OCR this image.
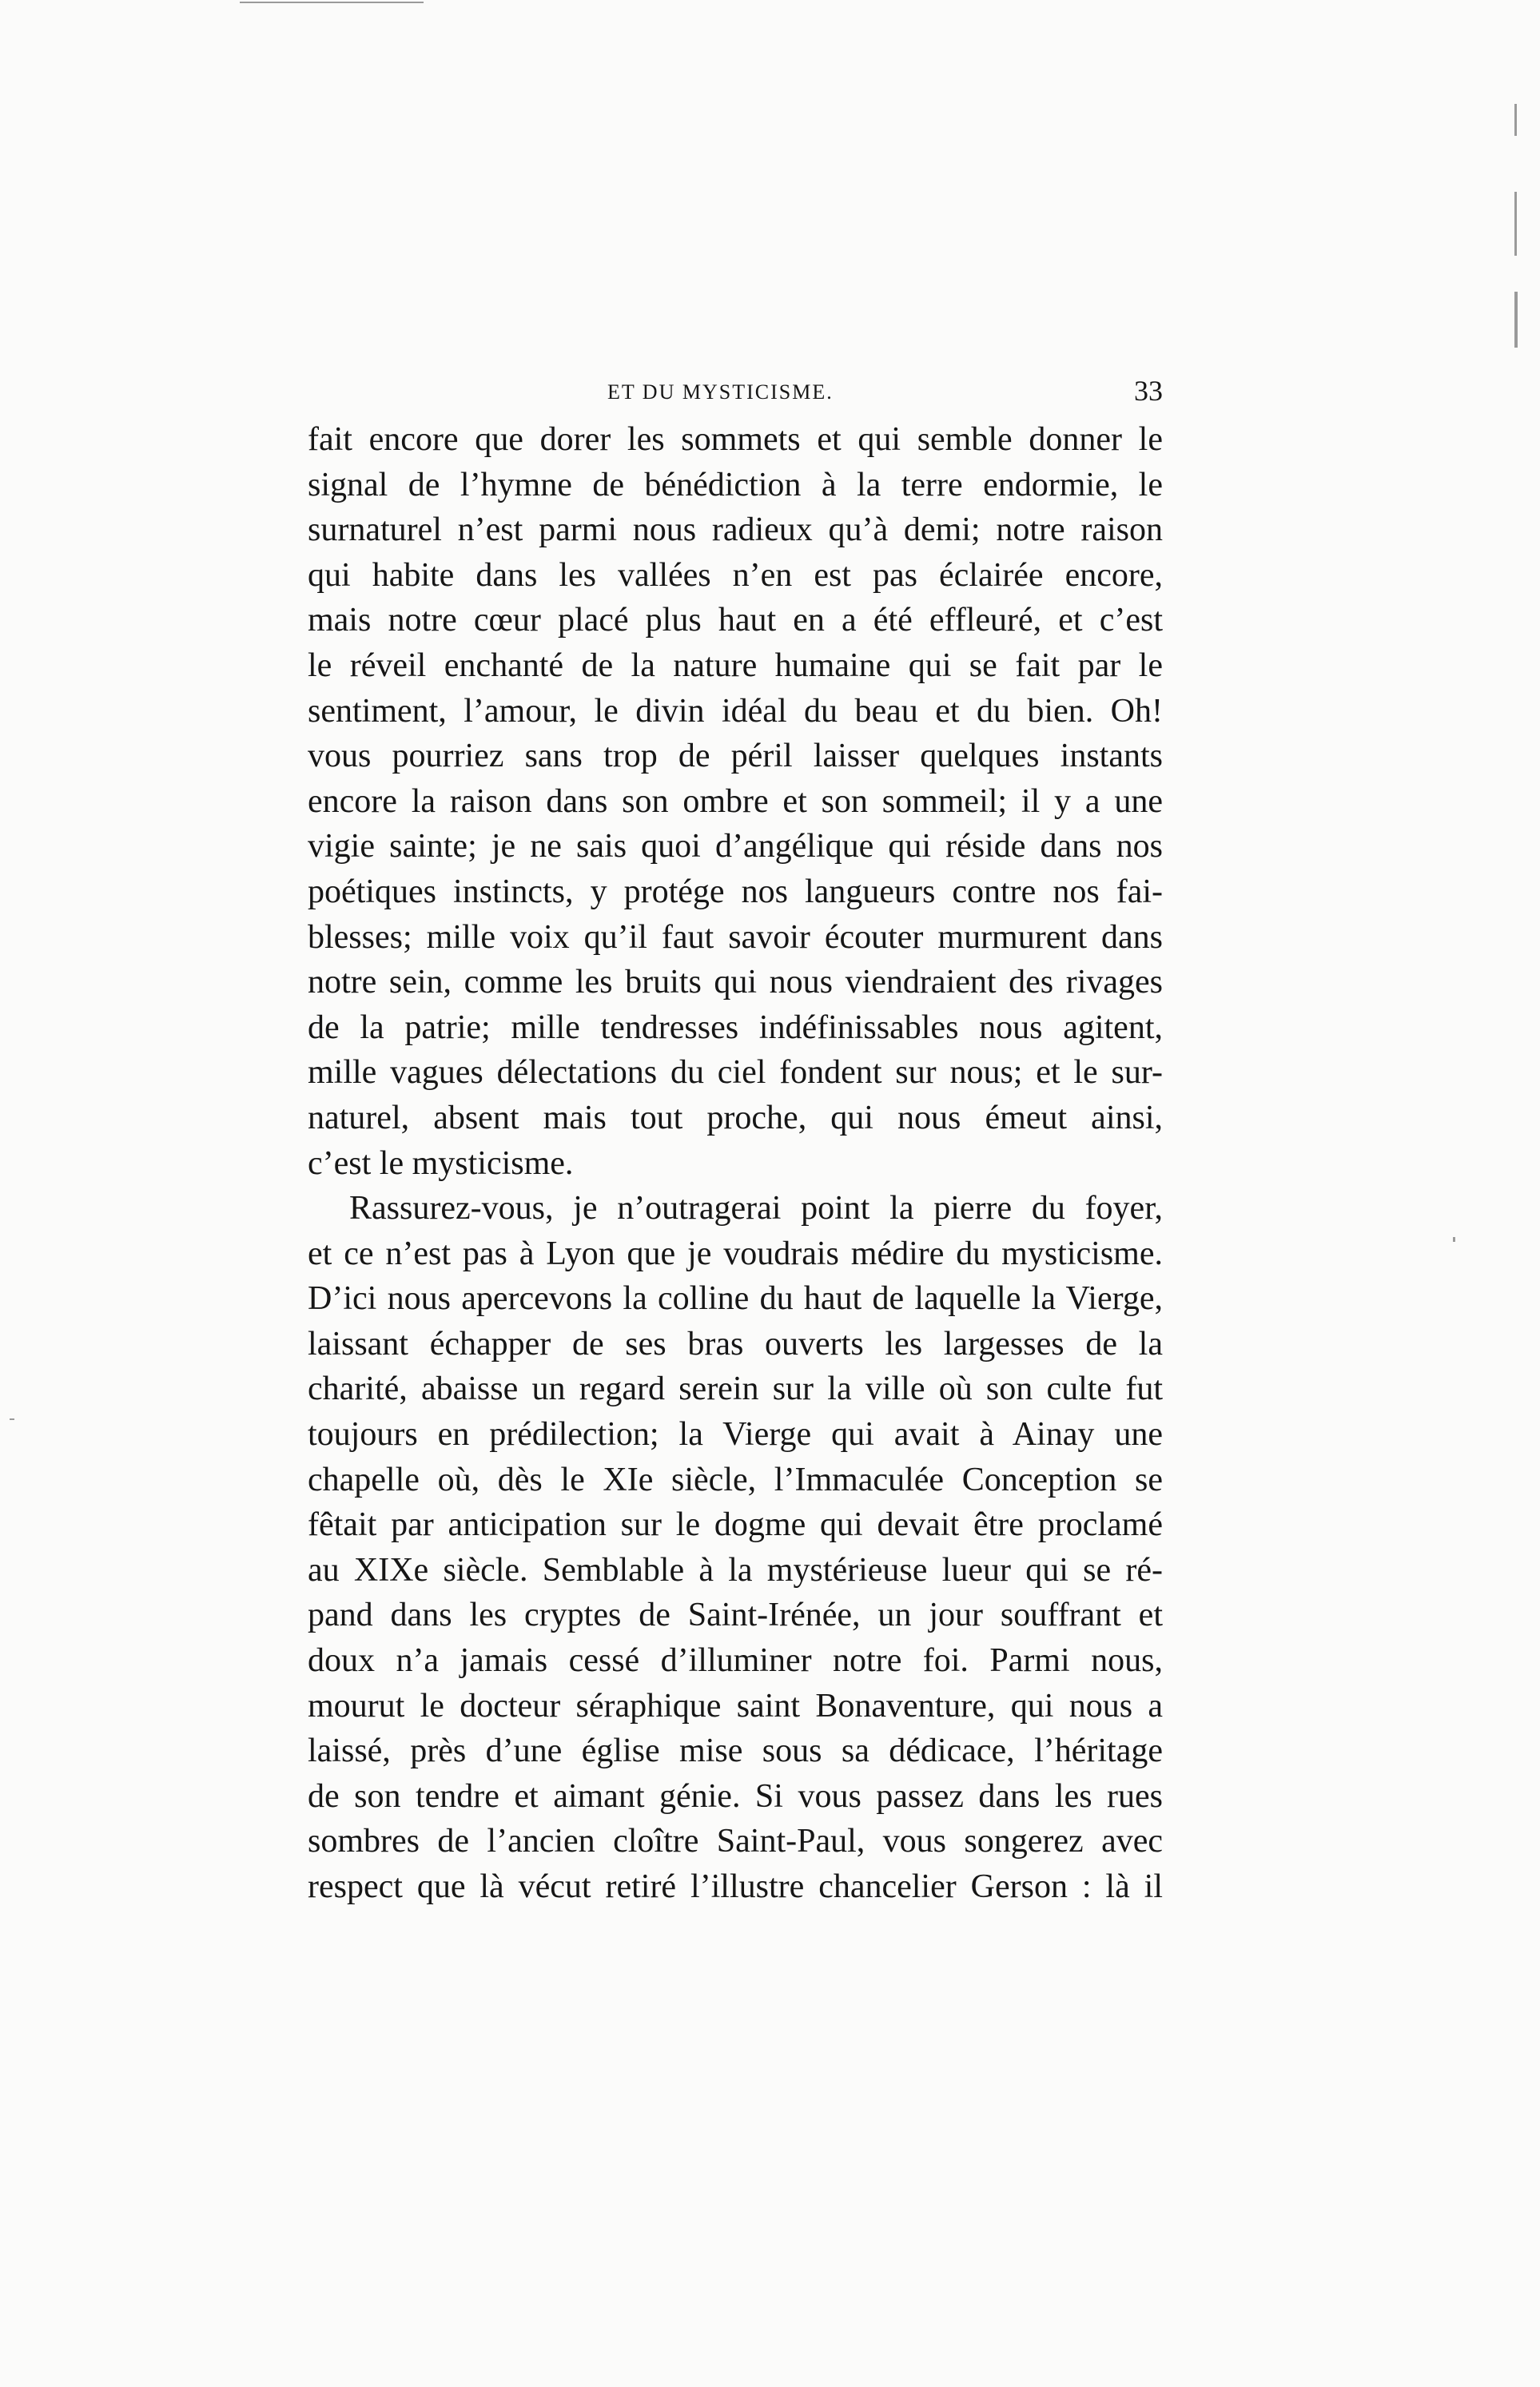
ET DU MYSTICISME.	33
fait encore que dorer les sommets et qui semble donner le
signal de l’hymne de bénédiction à la terre endormie, le
surnaturel n’est parmi nous radieux qu’à demi; notre raison
qui habite dans les vallées n’en est pas éclairée encore,
mais notre cœur placé plus haut en a été effleuré, et c’est
le réveil enchanté de la nature humaine qui se fait par le
sentiment, l’amour, le divin idéal du beau et du bien. Oh!
vous pourriez sans trop de péril laisser quelques instants
encore la raison dans son ombre et son sommeil; il y a une
vigie sainte; je ne sais quoi d’angélique qui réside dans nos
poétiques instincts, y protége nos langueurs contre nos fai-
blesses; mille voix qu’il faut savoir écouter murmurent dans
notre sein, comme les bruits qui nous viendraient des rivages
de la patrie; mille tendresses indéfinissables nous agitent,
mille vagues délectations du ciel fondent sur nous; et le sur-
naturel, absent mais tout proche, qui nous émeut ainsi,
c’est le mysticisme.
Rassurez-vous, je n’outragerai point la pierre du foyer,
et ce n’est pas à Lyon que je voudrais médire du mysticisme.
D’ici nous apercevons la colline du haut de laquelle la Vierge,
laissant échapper de ses bras ouverts les largesses de la
charité, abaisse un regard serein sur la ville où son culte fut
toujours en prédilection; la Vierge qui avait à Ainay une
chapelle où, dès le XIe siècle, l’Immaculée Conception se
fêtait par anticipation sur le dogme qui devait être proclamé
au XIXe siècle. Semblable à la mystérieuse lueur qui se ré-
pand dans les cryptes de Saint-Irénée, un jour souffrant et
doux n’a jamais cessé d’illuminer notre foi. Parmi nous,
mourut le docteur séraphique saint Bonaventure, qui nous a
laissé, près d’une église mise sous sa dédicace, l’héritage
de son tendre et aimant génie. Si vous passez dans les rues
sombres de l’ancien cloître Saint-Paul, vous songerez avec
respect que là vécut retiré l’illustre chancelier Gerson : là il
